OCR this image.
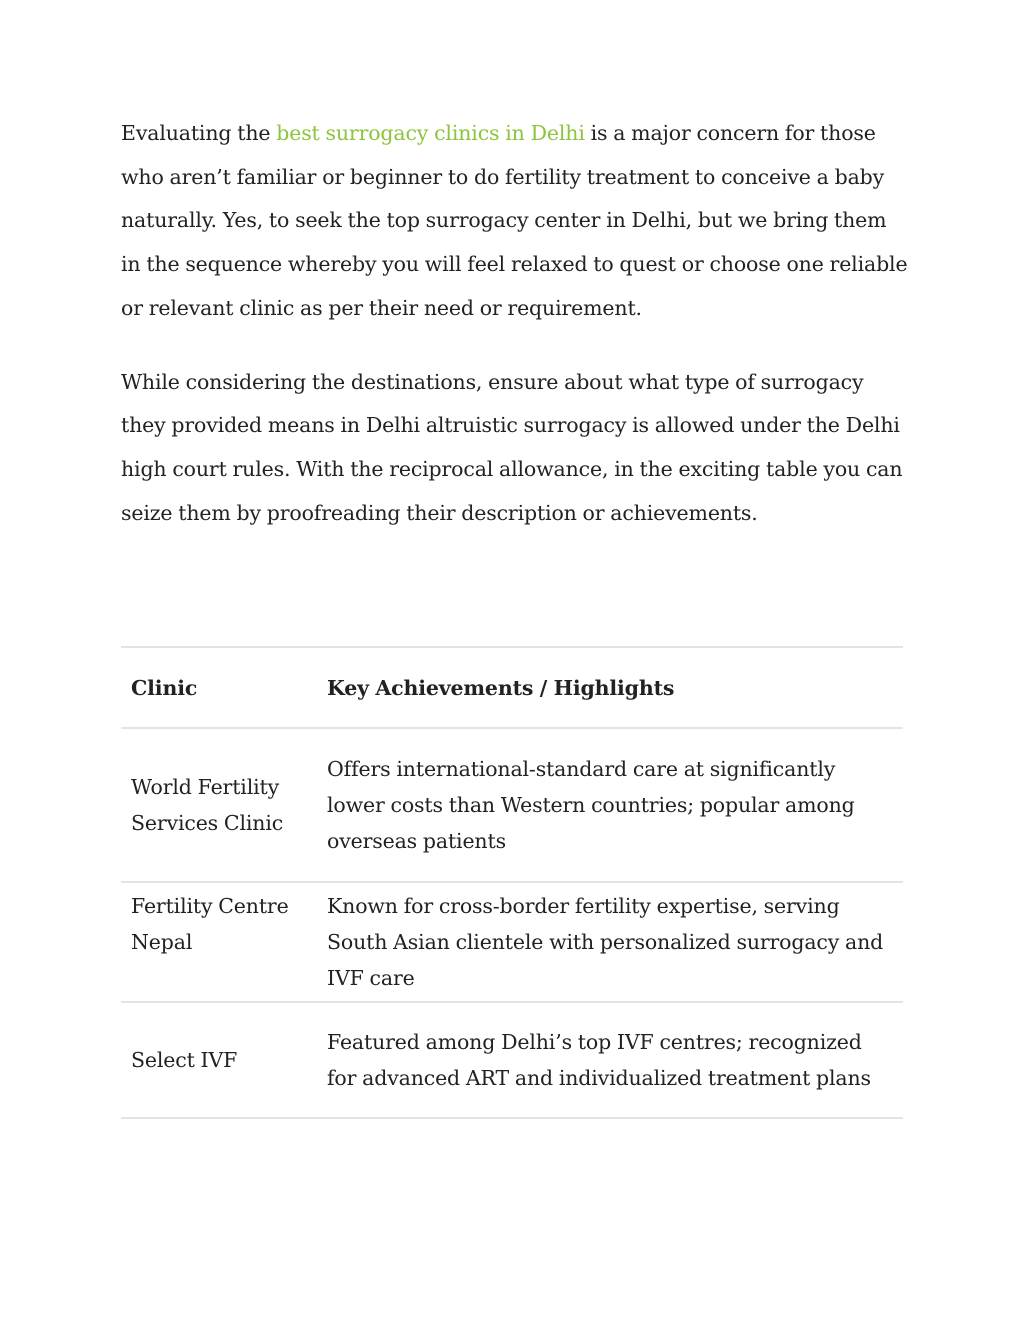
Evaluating the best surrogacy clinics in Delhi is a major concern for those who aren’t familiar or beginner to do fertility treatment to conceive a baby naturally. Yes, to seek the top surrogacy center in Delhi, but we bring them in the sequence whereby you will feel relaxed to quest or choose one reliable or relevant clinic as per their need or requirement.

While considering the destinations, ensure about what type of surrogacy they provided means in Delhi altruistic surrogacy is allowed under the Delhi high court rules. With the reciprocal allowance, in the exciting table you can seize them by proofreading their description or achievements.

Clinic	Key Achievements / Highlights
World Fertility Services Clinic	Offers international-standard care at significantly lower costs than Western countries; popular among overseas patients
Fertility Centre Nepal	Known for cross-border fertility expertise, serving South Asian clientele with personalized surrogacy and IVF care
Select IVF	Featured among Delhi’s top IVF centres; recognized for advanced ART and individualized treatment plans
